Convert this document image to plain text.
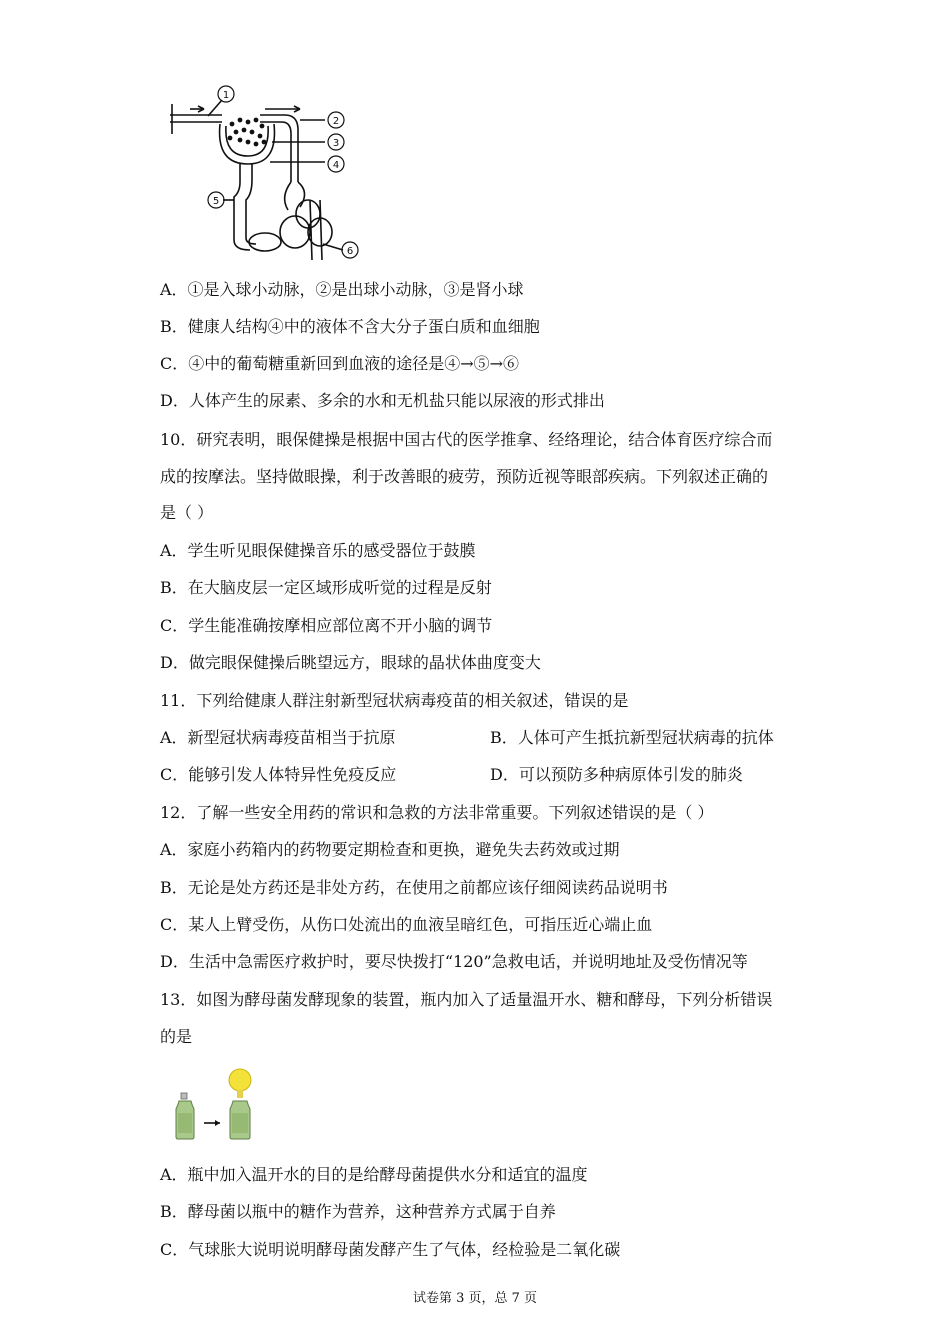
1
2
3
4
5
6
A．①是入球小动脉，②是出球小动脉，③是肾小球
B．健康人结构④中的液体不含大分子蛋白质和血细胞
C．④中的葡萄糖重新回到血液的途径是④→⑤→⑥
D．人体产生的尿素、多余的水和无机盐只能以尿液的形式排出
10．研究表明，眼保健操是根据中国古代的医学推拿、经络理论，结合体育医疗综合而
成的按摩法。坚持做眼操，利于改善眼的疲劳，预防近视等眼部疾病。下列叙述正确的
是（ ）
A．学生听见眼保健操音乐的感受器位于鼓膜
B．在大脑皮层一定区域形成听觉的过程是反射
C．学生能准确按摩相应部位离不开小脑的调节
D．做完眼保健操后眺望远方，眼球的晶状体曲度变大
11．下列给健康人群注射新型冠状病毒疫苗的相关叙述，错误的是
A．新型冠状病毒疫苗相当于抗原	B．人体可产生抵抗新型冠状病毒的抗体
C．能够引发人体特异性免疫反应	D．可以预防多种病原体引发的肺炎
12．了解一些安全用药的常识和急救的方法非常重要。下列叙述错误的是（ ）
A．家庭小药箱内的药物要定期检查和更换，避免失去药效或过期
B．无论是处方药还是非处方药，在使用之前都应该仔细阅读药品说明书
C．某人上臂受伤，从伤口处流出的血液呈暗红色，可指压近心端止血
D．生活中急需医疗救护时，要尽快拨打“120”急救电话，并说明地址及受伤情况等
13．如图为酵母菌发酵现象的装置，瓶内加入了适量温开水、糖和酵母，下列分析错误
的是
A．瓶中加入温开水的目的是给酵母菌提供水分和适宜的温度
B．酵母菌以瓶中的糖作为营养，这种营养方式属于自养
C．气球胀大说明说明酵母菌发酵产生了气体，经检验是二氧化碳
试卷第 3 页，总 7 页
